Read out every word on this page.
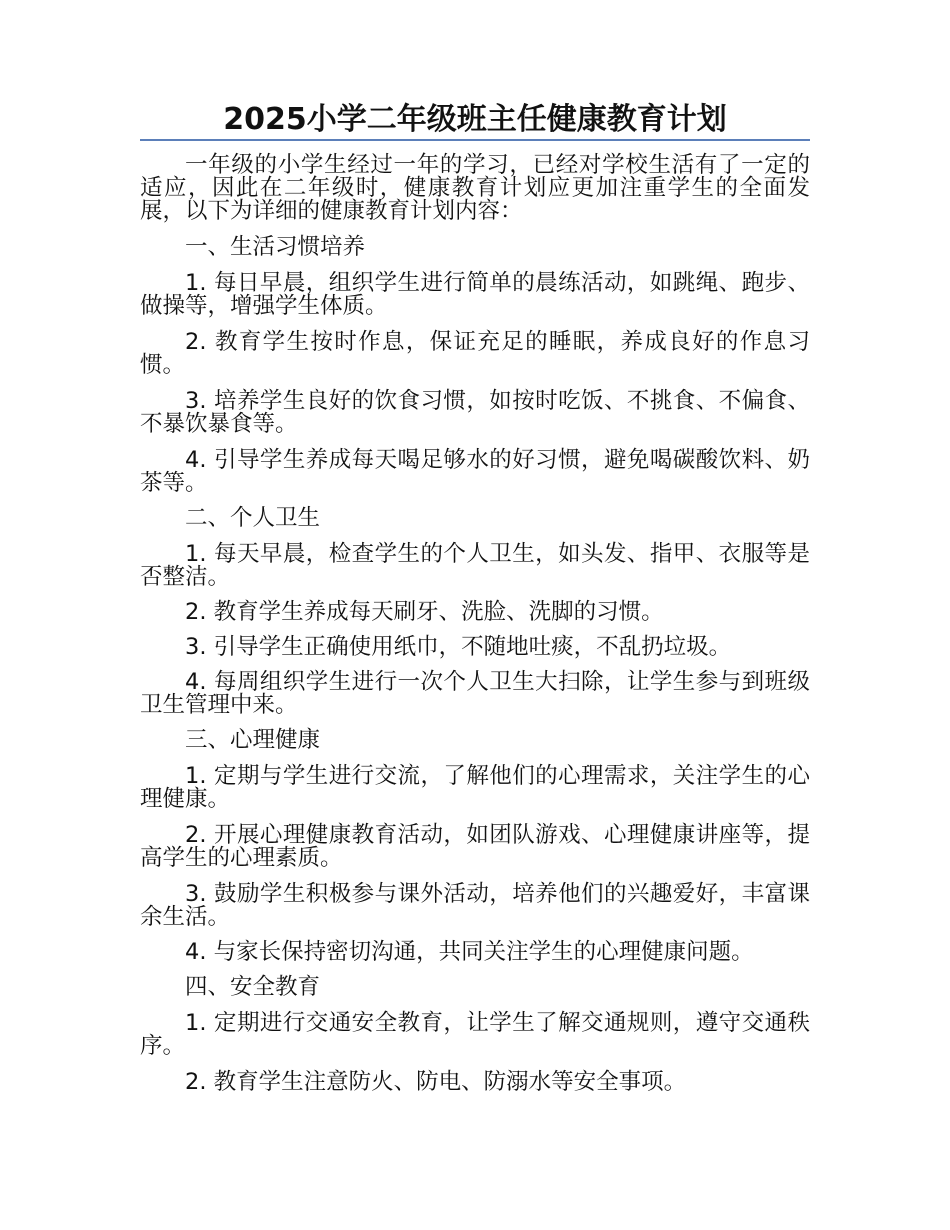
2025小学二年级班主任健康教育计划

一年级的小学生经过一年的学习，已经对学校生活有了一定的适应，因此在二年级时，健康教育计划应更加注重学生的全面发展，以下为详细的健康教育计划内容：

一、生活习惯培养

1. 每日早晨，组织学生进行简单的晨练活动，如跳绳、跑步、做操等，增强学生体质。

2. 教育学生按时作息，保证充足的睡眠，养成良好的作息习惯。

3. 培养学生良好的饮食习惯，如按时吃饭、不挑食、不偏食、不暴饮暴食等。

4. 引导学生养成每天喝足够水的好习惯，避免喝碳酸饮料、奶茶等。

二、个人卫生

1. 每天早晨，检查学生的个人卫生，如头发、指甲、衣服等是否整洁。

2. 教育学生养成每天刷牙、洗脸、洗脚的习惯。

3. 引导学生正确使用纸巾，不随地吐痰，不乱扔垃圾。

4. 每周组织学生进行一次个人卫生大扫除，让学生参与到班级卫生管理中来。

三、心理健康

1. 定期与学生进行交流，了解他们的心理需求，关注学生的心理健康。

2. 开展心理健康教育活动，如团队游戏、心理健康讲座等，提高学生的心理素质。

3. 鼓励学生积极参与课外活动，培养他们的兴趣爱好，丰富课余生活。

4. 与家长保持密切沟通，共同关注学生的心理健康问题。

四、安全教育

1. 定期进行交通安全教育，让学生了解交通规则，遵守交通秩序。

2. 教育学生注意防火、防电、防溺水等安全事项。
